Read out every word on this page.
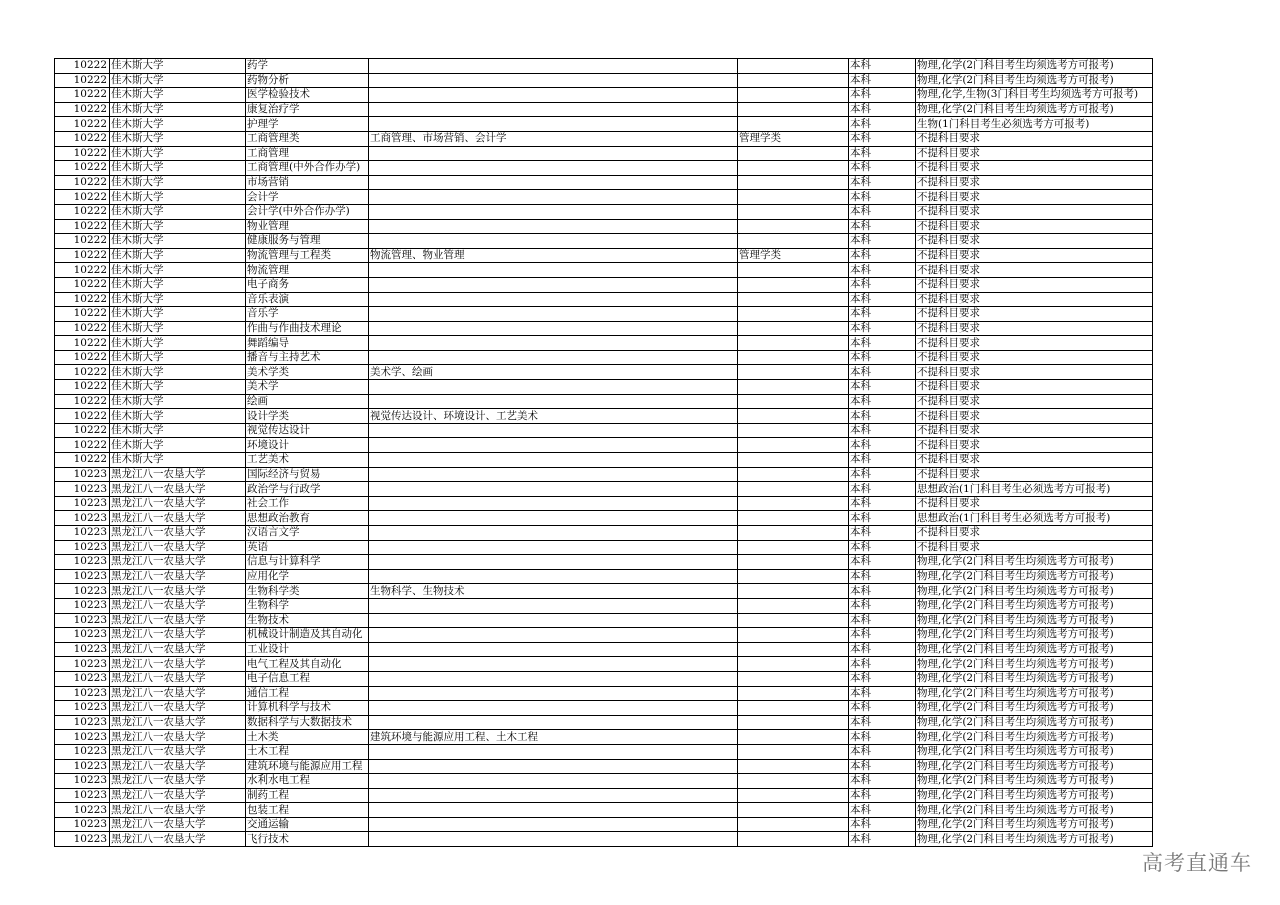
10222	佳木斯大学	药学			本科	物理,化学(2门科目考生均须选考方可报考)
10222	佳木斯大学	药物分析			本科	物理,化学(2门科目考生均须选考方可报考)
10222	佳木斯大学	医学检验技术			本科	物理,化学,生物(3门科目考生均须选考方可报考)
10222	佳木斯大学	康复治疗学			本科	物理,化学(2门科目考生均须选考方可报考)
10222	佳木斯大学	护理学			本科	生物(1门科目考生必须选考方可报考)
10222	佳木斯大学	工商管理类	工商管理、市场营销、会计学	管理学类	本科	不提科目要求
10222	佳木斯大学	工商管理			本科	不提科目要求
10222	佳木斯大学	工商管理(中外合作办学)			本科	不提科目要求
10222	佳木斯大学	市场营销			本科	不提科目要求
10222	佳木斯大学	会计学			本科	不提科目要求
10222	佳木斯大学	会计学(中外合作办学)			本科	不提科目要求
10222	佳木斯大学	物业管理			本科	不提科目要求
10222	佳木斯大学	健康服务与管理			本科	不提科目要求
10222	佳木斯大学	物流管理与工程类	物流管理、物业管理	管理学类	本科	不提科目要求
10222	佳木斯大学	物流管理			本科	不提科目要求
10222	佳木斯大学	电子商务			本科	不提科目要求
10222	佳木斯大学	音乐表演			本科	不提科目要求
10222	佳木斯大学	音乐学			本科	不提科目要求
10222	佳木斯大学	作曲与作曲技术理论			本科	不提科目要求
10222	佳木斯大学	舞蹈编导			本科	不提科目要求
10222	佳木斯大学	播音与主持艺术			本科	不提科目要求
10222	佳木斯大学	美术学类	美术学、绘画		本科	不提科目要求
10222	佳木斯大学	美术学			本科	不提科目要求
10222	佳木斯大学	绘画			本科	不提科目要求
10222	佳木斯大学	设计学类	视觉传达设计、环境设计、工艺美术		本科	不提科目要求
10222	佳木斯大学	视觉传达设计			本科	不提科目要求
10222	佳木斯大学	环境设计			本科	不提科目要求
10222	佳木斯大学	工艺美术			本科	不提科目要求
10223	黑龙江八一农垦大学	国际经济与贸易			本科	不提科目要求
10223	黑龙江八一农垦大学	政治学与行政学			本科	思想政治(1门科目考生必须选考方可报考)
10223	黑龙江八一农垦大学	社会工作			本科	不提科目要求
10223	黑龙江八一农垦大学	思想政治教育			本科	思想政治(1门科目考生必须选考方可报考)
10223	黑龙江八一农垦大学	汉语言文学			本科	不提科目要求
10223	黑龙江八一农垦大学	英语			本科	不提科目要求
10223	黑龙江八一农垦大学	信息与计算科学			本科	物理,化学(2门科目考生均须选考方可报考)
10223	黑龙江八一农垦大学	应用化学			本科	物理,化学(2门科目考生均须选考方可报考)
10223	黑龙江八一农垦大学	生物科学类	生物科学、生物技术		本科	物理,化学(2门科目考生均须选考方可报考)
10223	黑龙江八一农垦大学	生物科学			本科	物理,化学(2门科目考生均须选考方可报考)
10223	黑龙江八一农垦大学	生物技术			本科	物理,化学(2门科目考生均须选考方可报考)
10223	黑龙江八一农垦大学	机械设计制造及其自动化			本科	物理,化学(2门科目考生均须选考方可报考)
10223	黑龙江八一农垦大学	工业设计			本科	物理,化学(2门科目考生均须选考方可报考)
10223	黑龙江八一农垦大学	电气工程及其自动化			本科	物理,化学(2门科目考生均须选考方可报考)
10223	黑龙江八一农垦大学	电子信息工程			本科	物理,化学(2门科目考生均须选考方可报考)
10223	黑龙江八一农垦大学	通信工程			本科	物理,化学(2门科目考生均须选考方可报考)
10223	黑龙江八一农垦大学	计算机科学与技术			本科	物理,化学(2门科目考生均须选考方可报考)
10223	黑龙江八一农垦大学	数据科学与大数据技术			本科	物理,化学(2门科目考生均须选考方可报考)
10223	黑龙江八一农垦大学	土木类	建筑环境与能源应用工程、土木工程		本科	物理,化学(2门科目考生均须选考方可报考)
10223	黑龙江八一农垦大学	土木工程			本科	物理,化学(2门科目考生均须选考方可报考)
10223	黑龙江八一农垦大学	建筑环境与能源应用工程			本科	物理,化学(2门科目考生均须选考方可报考)
10223	黑龙江八一农垦大学	水利水电工程			本科	物理,化学(2门科目考生均须选考方可报考)
10223	黑龙江八一农垦大学	制药工程			本科	物理,化学(2门科目考生均须选考方可报考)
10223	黑龙江八一农垦大学	包装工程			本科	物理,化学(2门科目考生均须选考方可报考)
10223	黑龙江八一农垦大学	交通运输			本科	物理,化学(2门科目考生均须选考方可报考)
10223	黑龙江八一农垦大学	飞行技术			本科	物理,化学(2门科目考生均须选考方可报考)
高考直通车
